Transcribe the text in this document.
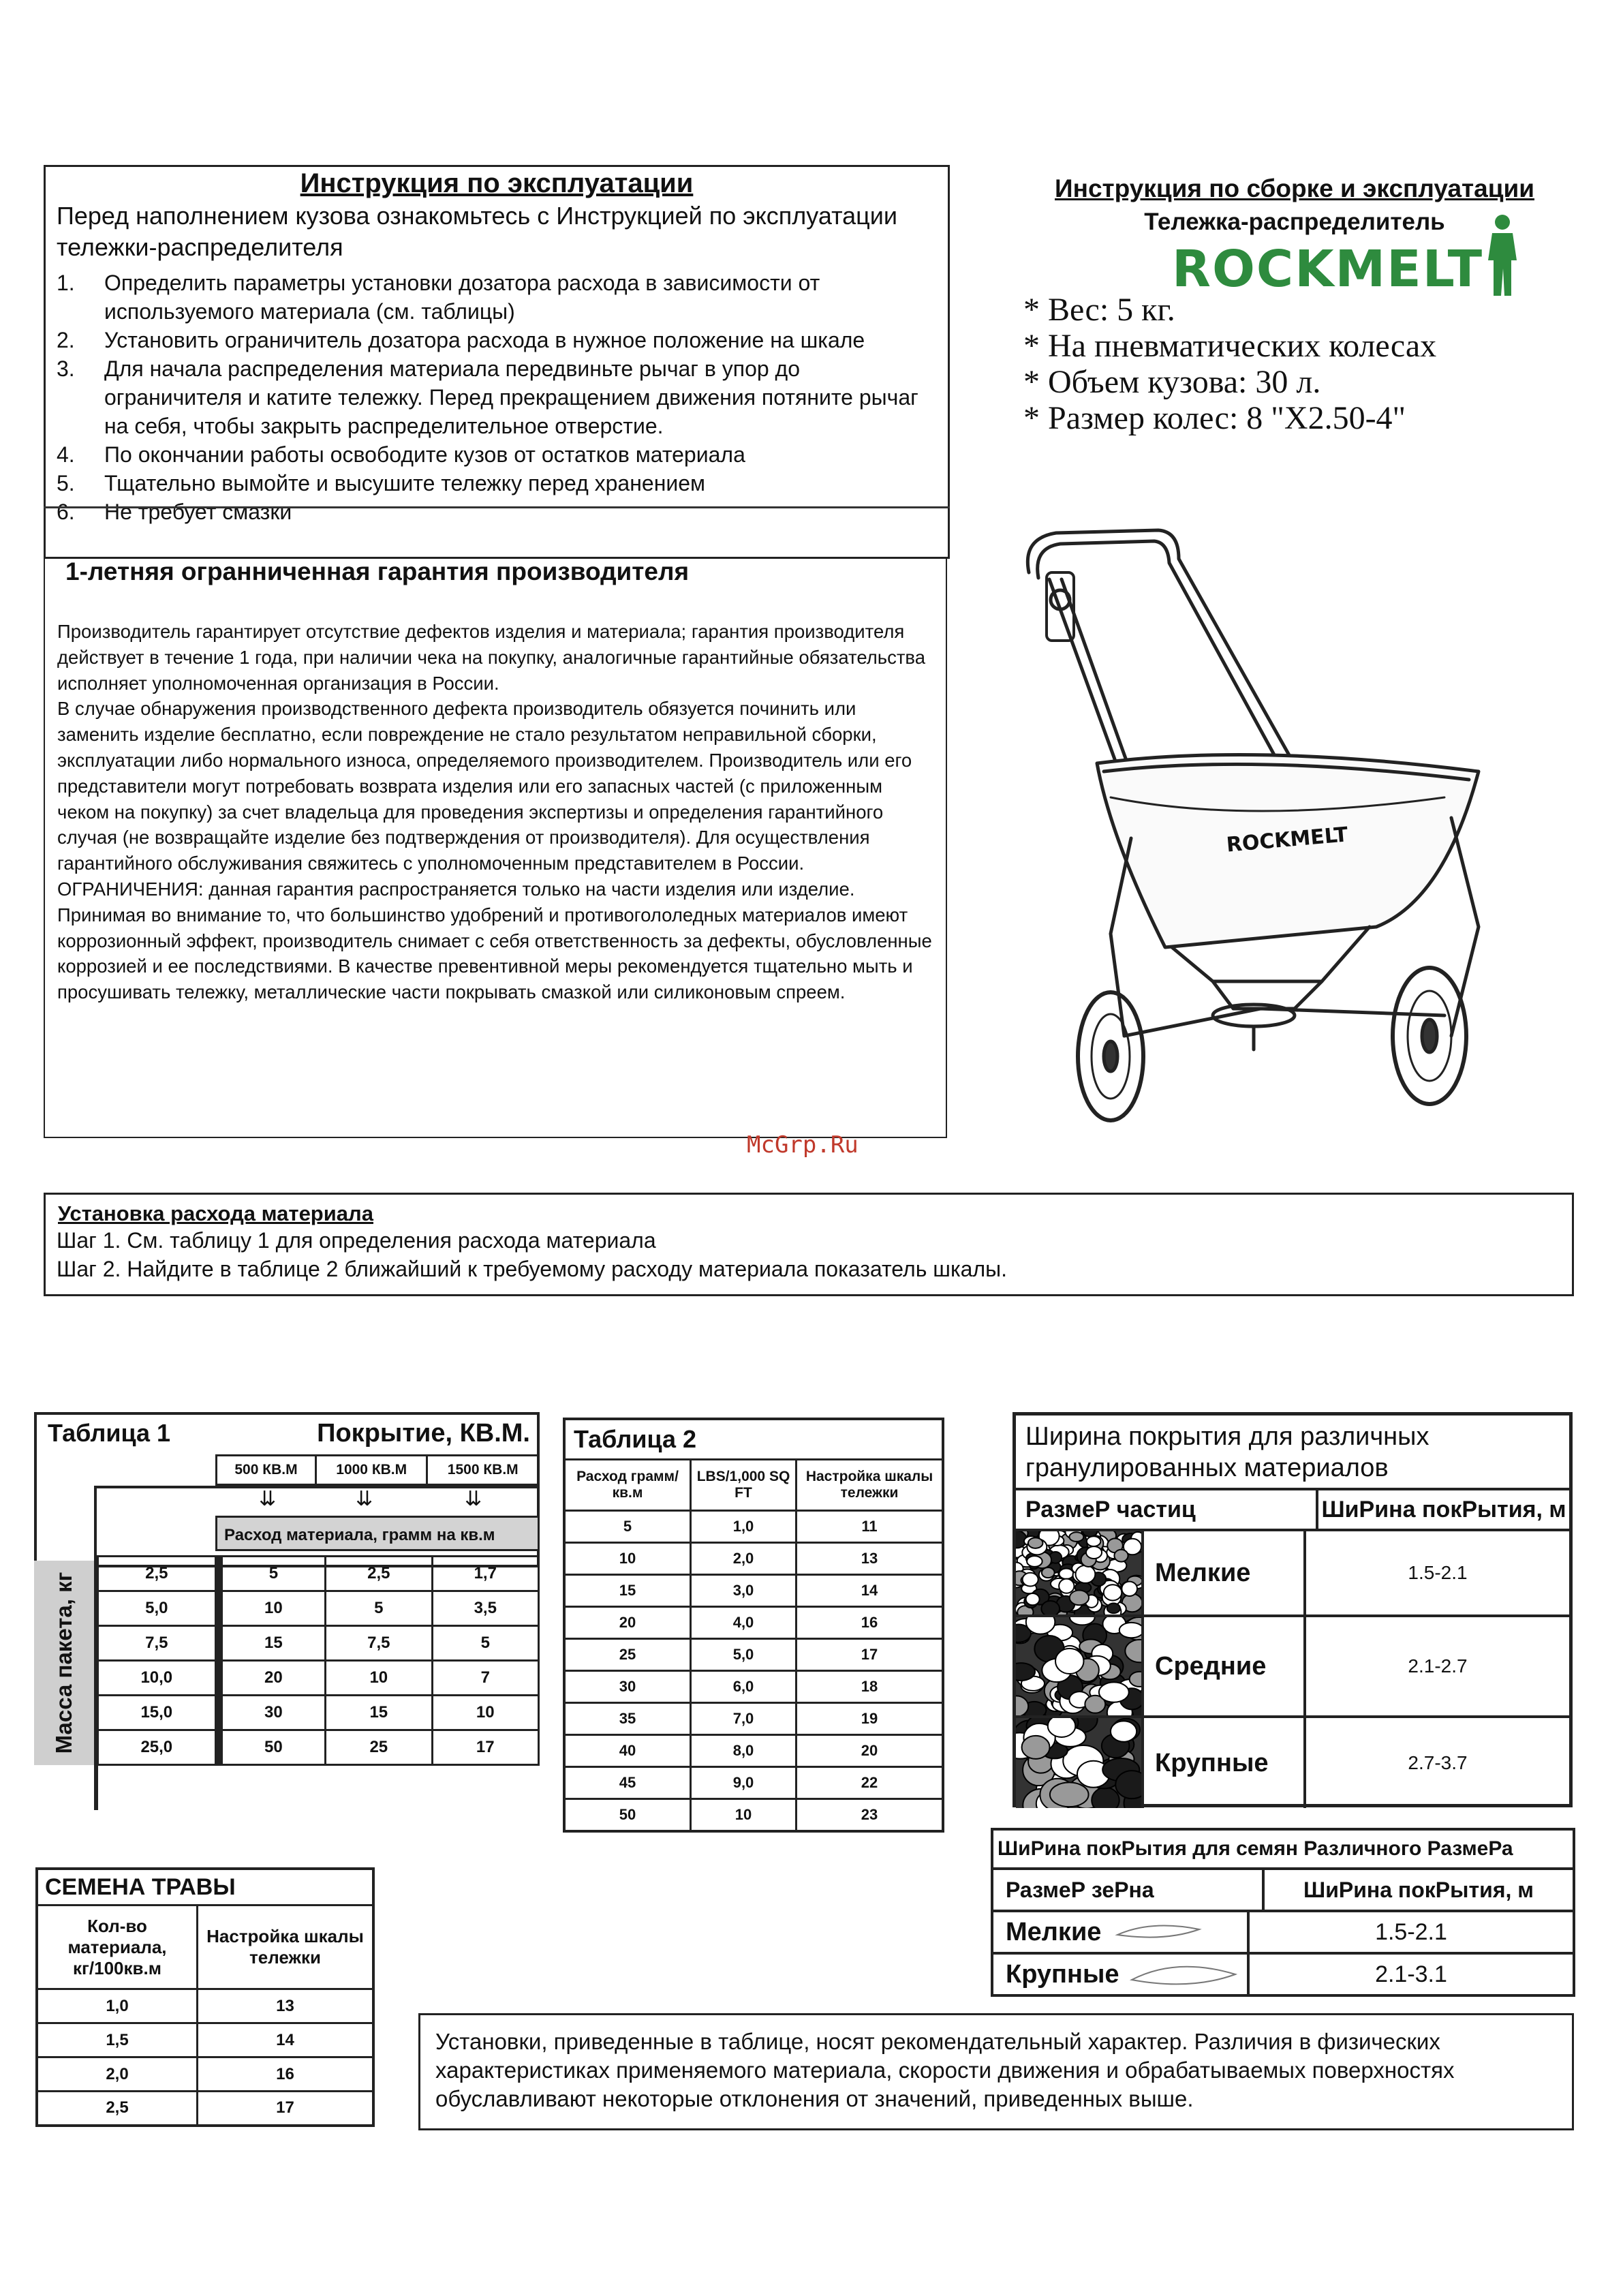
Инструкция по эксплуатации
Перед наполнением кузова ознакомьтесь с Инструкцией по эксплуатации тележки-распределителя
1.	Определить параметры установки дозатора расхода в зависимости от используемого материала (см. таблицы)
2.	Установить ограничитель дозатора расхода в нужное положение на шкале
3.	Для начала распределения материала передвиньте рычаг в упор до ограничителя и катите тележку. Перед прекращением движения потяните рычаг на себя, чтобы закрыть распределительное отверстие.
4.	По окончании работы освободите кузов от остатков материала
5.	Тщательно вымойте и высушите тележку перед хранением
6.	Не требует смазки
1-летняя огранниченная гарантия производителя
Производитель гарантирует отсутствие дефектов изделия и материала; гарантия производителя действует в течение 1 года, при наличии чека на покупку, аналогичные гарантийные обязательства исполняет уполномоченная организация в России.
В случае обнаружения производственного дефекта производитель обязуется починить или заменить изделие бесплатно, если повреждение не стало результатом неправильной сборки, эксплуатации либо нормального износа, определяемого производителем. Производитель или его представители могут потребовать возврата изделия или его запасных частей (с приложенным чеком на покупку) за счет владельца для проведения экспертизы и определения гарантийного случая (не возвращайте изделие без подтверждения от производителя). Для осуществления гарантийного обслуживания свяжитесь с уполномоченным представителем в России. ОГРАНИЧЕНИЯ: данная гарантия распространяется только на части изделия или изделие. Принимая во внимание то, что большинство удобрений и противогололедных материалов имеют коррозионный эффект, производитель снимает с себя ответственность за дефекты, обусловленные коррозией и ее последствиями. В качестве превентивной меры рекомендуется тщательно мыть и просушивать тележку, металлические части покрывать смазкой или силиконовым спреем.
Инструкция по сборке и эксплуатации
Тележка-распределитель
ROCKMELT
* Вес: 5 кг.
* На пневматических колесах
* Объем кузова: 30 л.
* Размер колес: 8 "X2.50-4"
ROCKMELT
McGrp.Ru
Установка расхода материала
Шаг 1. См. таблицу 1 для определения расхода материала
Шаг 2. Найдите в таблице 2 ближайший к требуемому расходу материала показатель шкалы.
Таблица 1	Покрытие, КВ.М.
500 КВ.М	1000 КВ.М	1500 КВ.М
⇊	⇊	⇊
Расход материала, грамм на кв.м
Масса пакета, кг	2,5		5	2,5	1,7
5,0		10	5	3,5
7,5		15	7,5	5
10,0		20	10	7
15,0		30	15	10
25,0		50	25	17
Таблица 2		
Расход грамм/кв.м	LBS/1,000 SQ FT	Настройка шкалы тележки
5	1,0	11
10	2,0	13
15	3,0	14
20	4,0	16
25	5,0	17
30	6,0	18
35	7,0	19
40	8,0	20
45	9,0	22
50	10	23
Ширина покрытия для различных гранулированных материалов
РазмеР частиц	ШиРина покРытия, м
Мелкие	1.5-2.1
Средние	2.1-2.7
Крупные	2.7-3.7
ШиРина покРытия для семян Различного РазмеРа
РазмеР зеРна	ШиРина покРытия, м
Мелкие	1.5-2.1
Крупные	2.1-3.1
СЕМЕНА ТРАВЫ	
Кол-во материала, кг/100кв.м	Настройка шкалы тележки
1,0	13
1,5	14
2,0	16
2,5	17
Установки, приведенные в таблице, носят рекомендательный характер. Различия в физических характеристиках применяемого материала, скорости движения и обрабатываемых поверхностях обуславливают некоторые отклонения от значений, приведенных выше.
